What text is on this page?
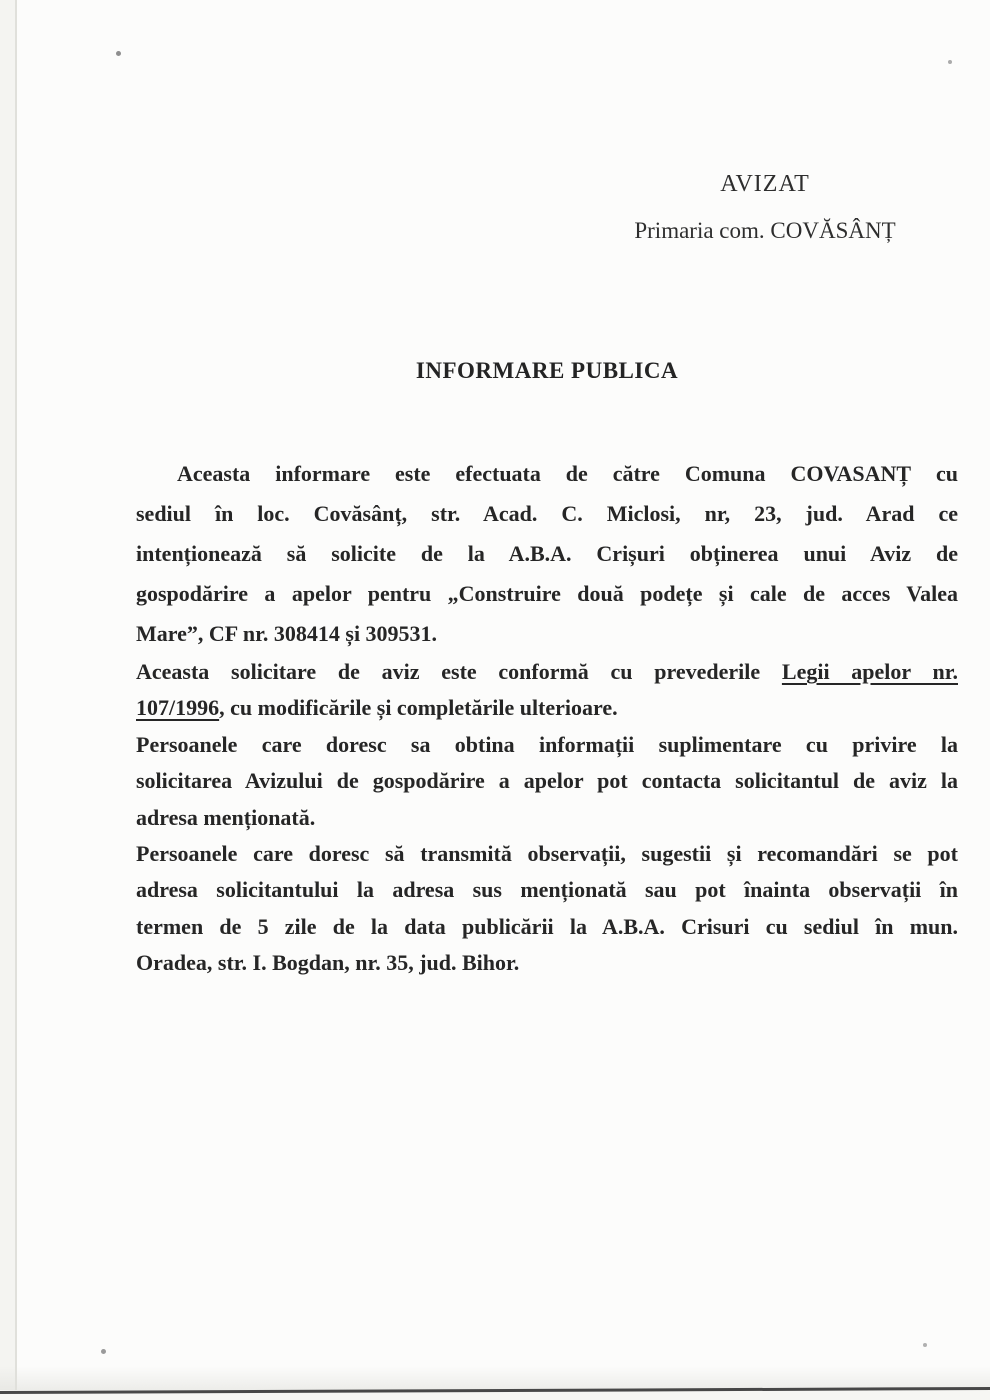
AVIZAT
Primaria com. COVĂSÂNȚ
INFORMARE PUBLICA
Aceasta informare este efectuata de către Comuna COVASANȚ cu
sediul în loc. Covăsânț, str. Acad. C. Miclosi, nr, 23, jud. Arad ce
intenționează să solicite de la A.B.A. Crișuri obținerea unui Aviz de
gospodărire a apelor pentru „Construire două podețe și cale de acces Valea
Mare”, CF nr. 308414 și 309531.
Aceasta solicitare de aviz este conformă cu prevederile Legii apelor nr.
107/1996, cu modificările și completările ulterioare.
Persoanele care doresc sa obtina informații suplimentare cu privire la
solicitarea Avizului de gospodărire a apelor pot contacta solicitantul de aviz la
adresa menționată.
Persoanele care doresc să transmită observații, sugestii și recomandări se pot
adresa solicitantului la adresa sus menționată sau pot înainta observații în
termen de 5 zile de la data publicării la A.B.A. Crisuri cu sediul în mun.
Oradea, str. I. Bogdan, nr. 35, jud. Bihor.
